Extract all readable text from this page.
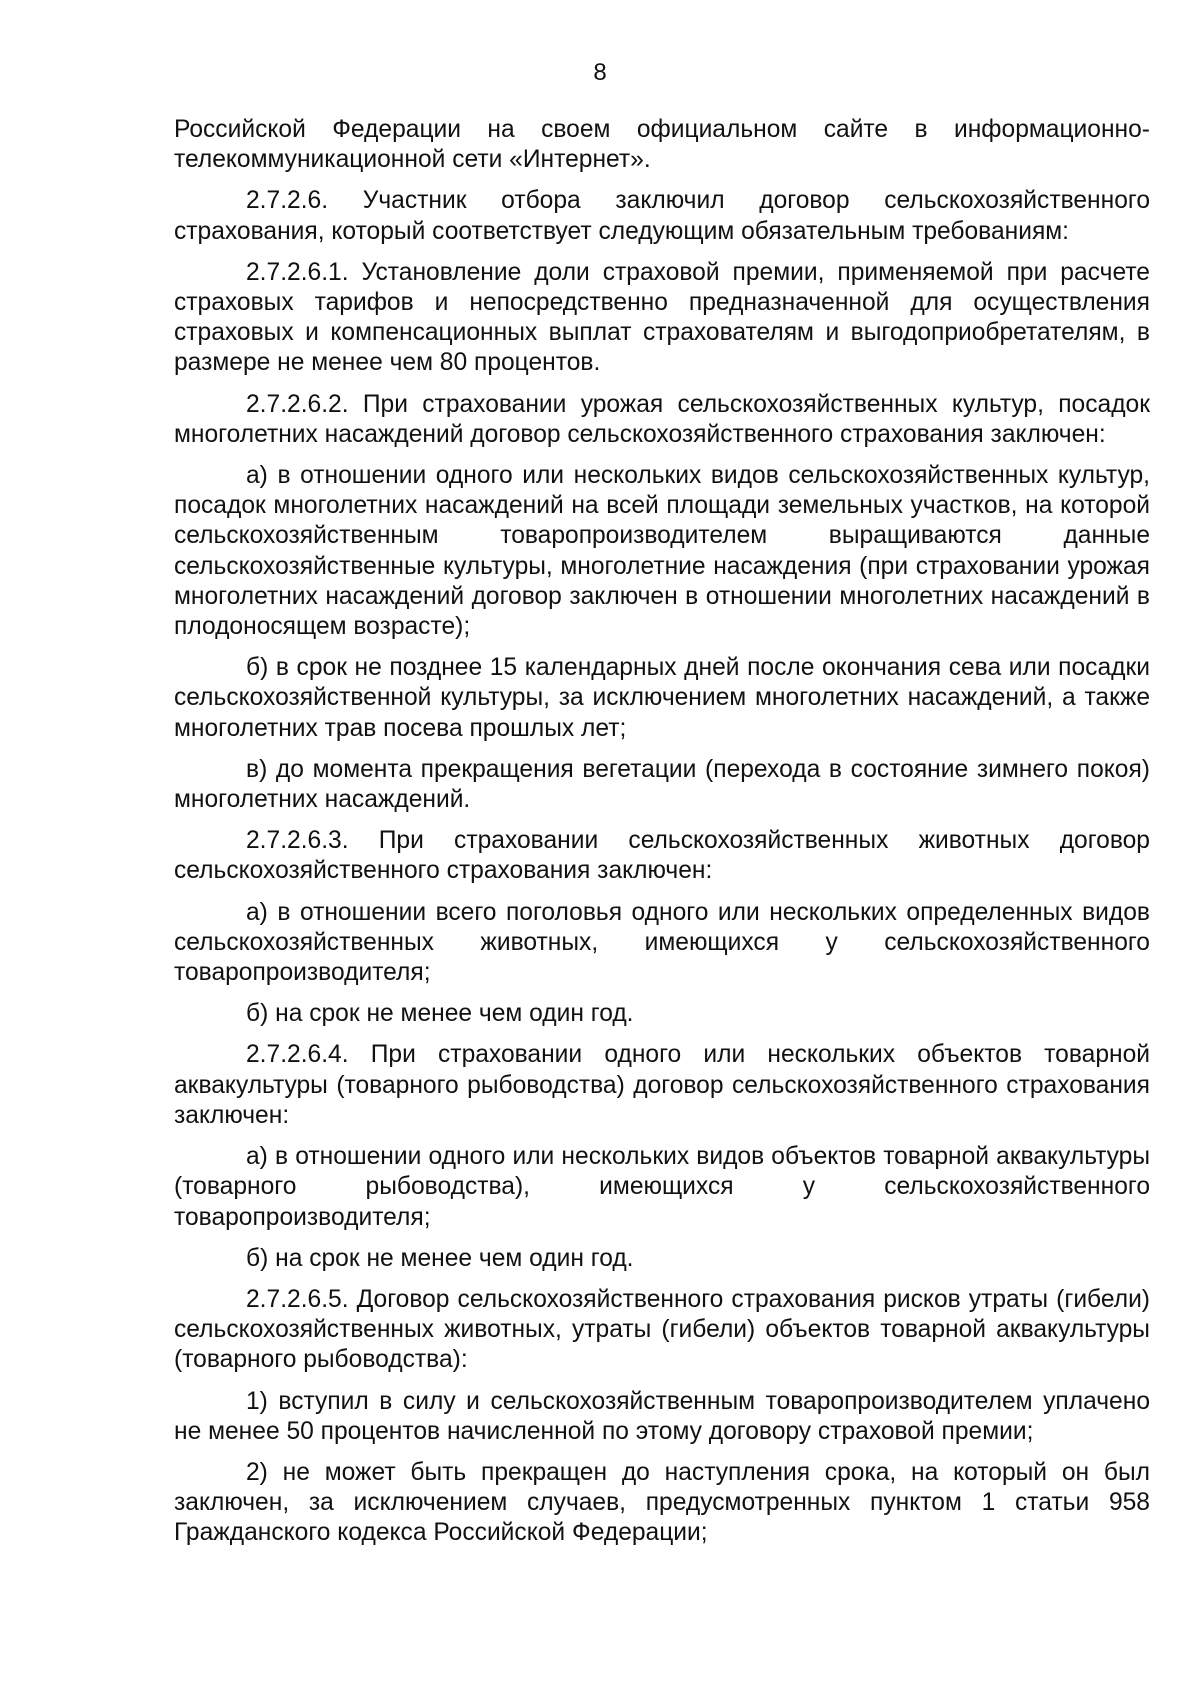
8

Российской Федерации на своем официальном сайте в информационно-телекоммуникационной сети «Интернет».

2.7.2.6. Участник отбора заключил договор сельскохозяйственного страхования, который соответствует следующим обязательным требованиям:

2.7.2.6.1. Установление доли страховой премии, применяемой при расчете страховых тарифов и непосредственно предназначенной для осуществления страховых и компенсационных выплат страхователям и выгодоприобретателям, в размере не менее чем 80 процентов.

2.7.2.6.2. При страховании урожая сельскохозяйственных культур, посадок многолетних насаждений договор сельскохозяйственного страхования заключен:

а) в отношении одного или нескольких видов сельскохозяйственных культур, посадок многолетних насаждений на всей площади земельных участков, на которой сельскохозяйственным товаропроизводителем выращиваются данные сельскохозяйственные культуры, многолетние насаждения (при страховании урожая многолетних насаждений договор заключен в отношении многолетних насаждений в плодоносящем возрасте);

б) в срок не позднее 15 календарных дней после окончания сева или посадки сельскохозяйственной культуры, за исключением многолетних насаждений, а также многолетних трав посева прошлых лет;

в) до момента прекращения вегетации (перехода в состояние зимнего покоя) многолетних насаждений.

2.7.2.6.3. При страховании сельскохозяйственных животных договор сельскохозяйственного страхования заключен:

а) в отношении всего поголовья одного или нескольких определенных видов сельскохозяйственных животных, имеющихся у сельскохозяйственного товаропроизводителя;

б) на срок не менее чем один год.

2.7.2.6.4. При страховании одного или нескольких объектов товарной аквакультуры (товарного рыбоводства) договор сельскохозяйственного страхования заключен:

а) в отношении одного или нескольких видов объектов товарной аквакультуры (товарного рыбоводства), имеющихся у сельскохозяйственного товаропроизводителя;

б) на срок не менее чем один год.

2.7.2.6.5. Договор сельскохозяйственного страхования рисков утраты (гибели) сельскохозяйственных животных, утраты (гибели) объектов товарной аквакультуры (товарного рыбоводства):

1) вступил в силу и сельскохозяйственным товаропроизводителем уплачено не менее 50 процентов начисленной по этому договору страховой премии;

2) не может быть прекращен до наступления срока, на который он был заключен, за исключением случаев, предусмотренных пунктом 1 статьи 958 Гражданского кодекса Российской Федерации;
